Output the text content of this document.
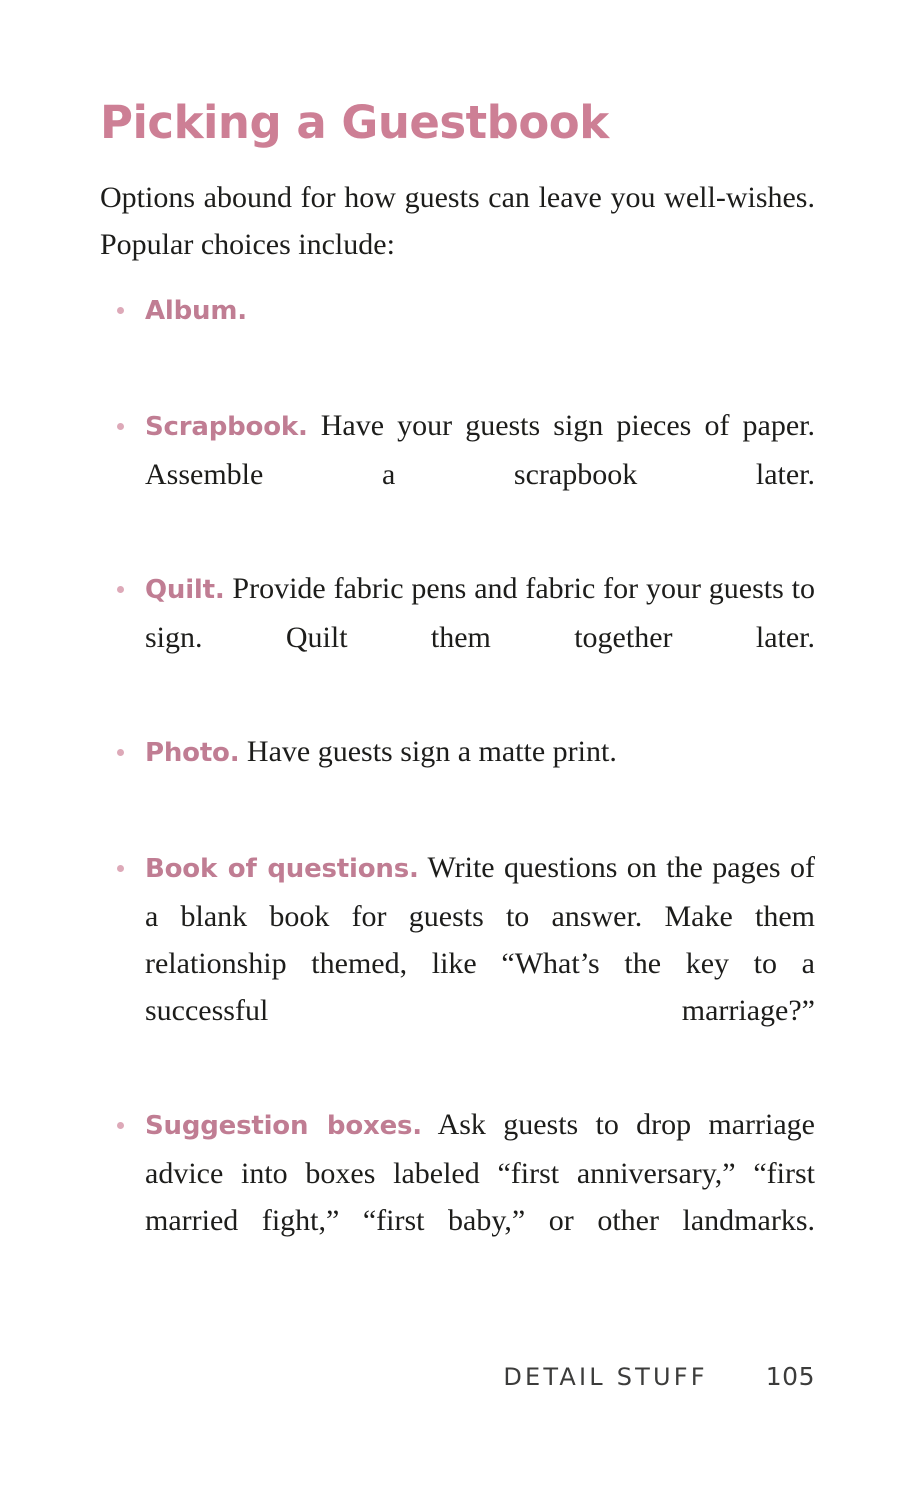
Picking a Guestbook

Options abound for how guests can leave you well-wishes. Popular choices include:

Album.
Scrapbook. Have your guests sign pieces of paper. Assemble a scrapbook later.
Quilt. Provide fabric pens and fabric for your guests to sign. Quilt them together later.
Photo. Have guests sign a matte print.
Book of questions. Write questions on the pages of a blank book for guests to answer. Make them relationship themed, like “What’s the key to a successful marriage?”
Suggestion boxes. Ask guests to drop marriage advice into boxes labeled “first anniversary,” “first married fight,” “first baby,” or other landmarks.
DETAIL STUFF 105
